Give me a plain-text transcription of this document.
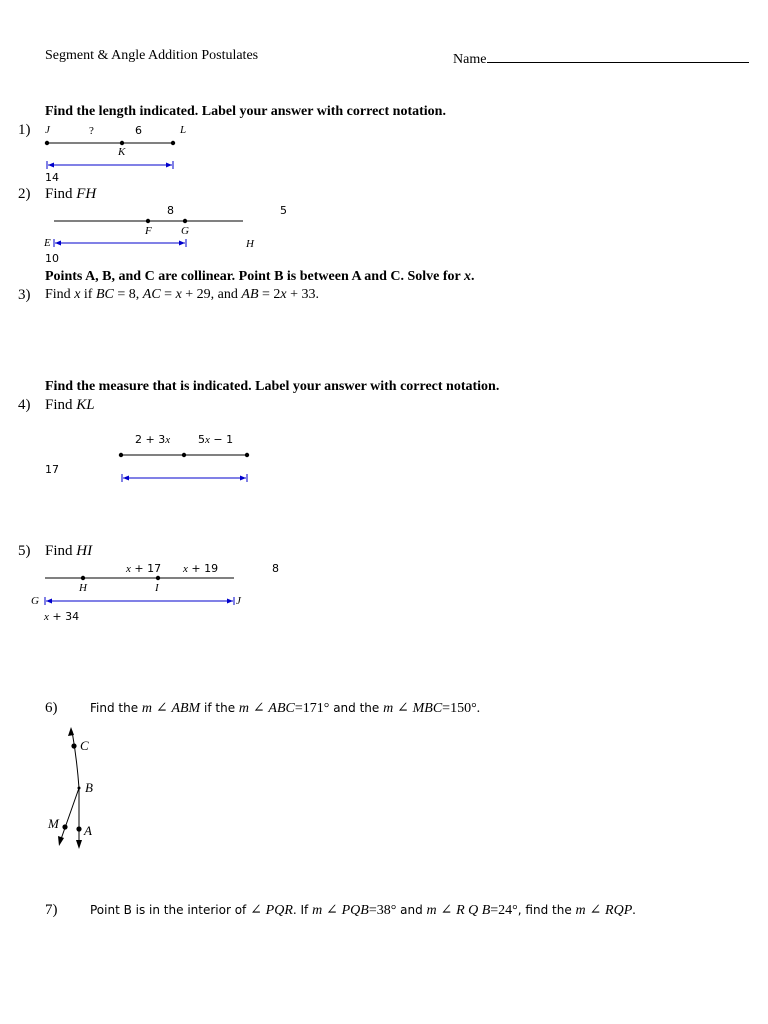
Segment & Angle Addition Postulates	Name
Find the length indicated. Label your answer with correct notation.
1) J	?	6	L
K
14
2) Find FH
8	5
F	G
E	H
10
Points A, B, and C are collinear. Point B is between A and C. Solve for x.
3) Find x if BC = 8, AC = x + 29, and AB = 2x + 33.
Find the measure that is indicated. Label your answer with correct notation.
4) Find KL
2 + 3x	5x − 1
17
5) Find HI
x + 17 x + 19	8
H	I
G	J
x + 34
6)	Find the m ∠ ABM if the m ∠ ABC=171° and the m ∠ MBC=150°.
C
B
M A
7)	Point B is in the interior of ∠ PQR. If m ∠ PQB=38° and m ∠ R Q B=24°, find the m ∠ RQP.
